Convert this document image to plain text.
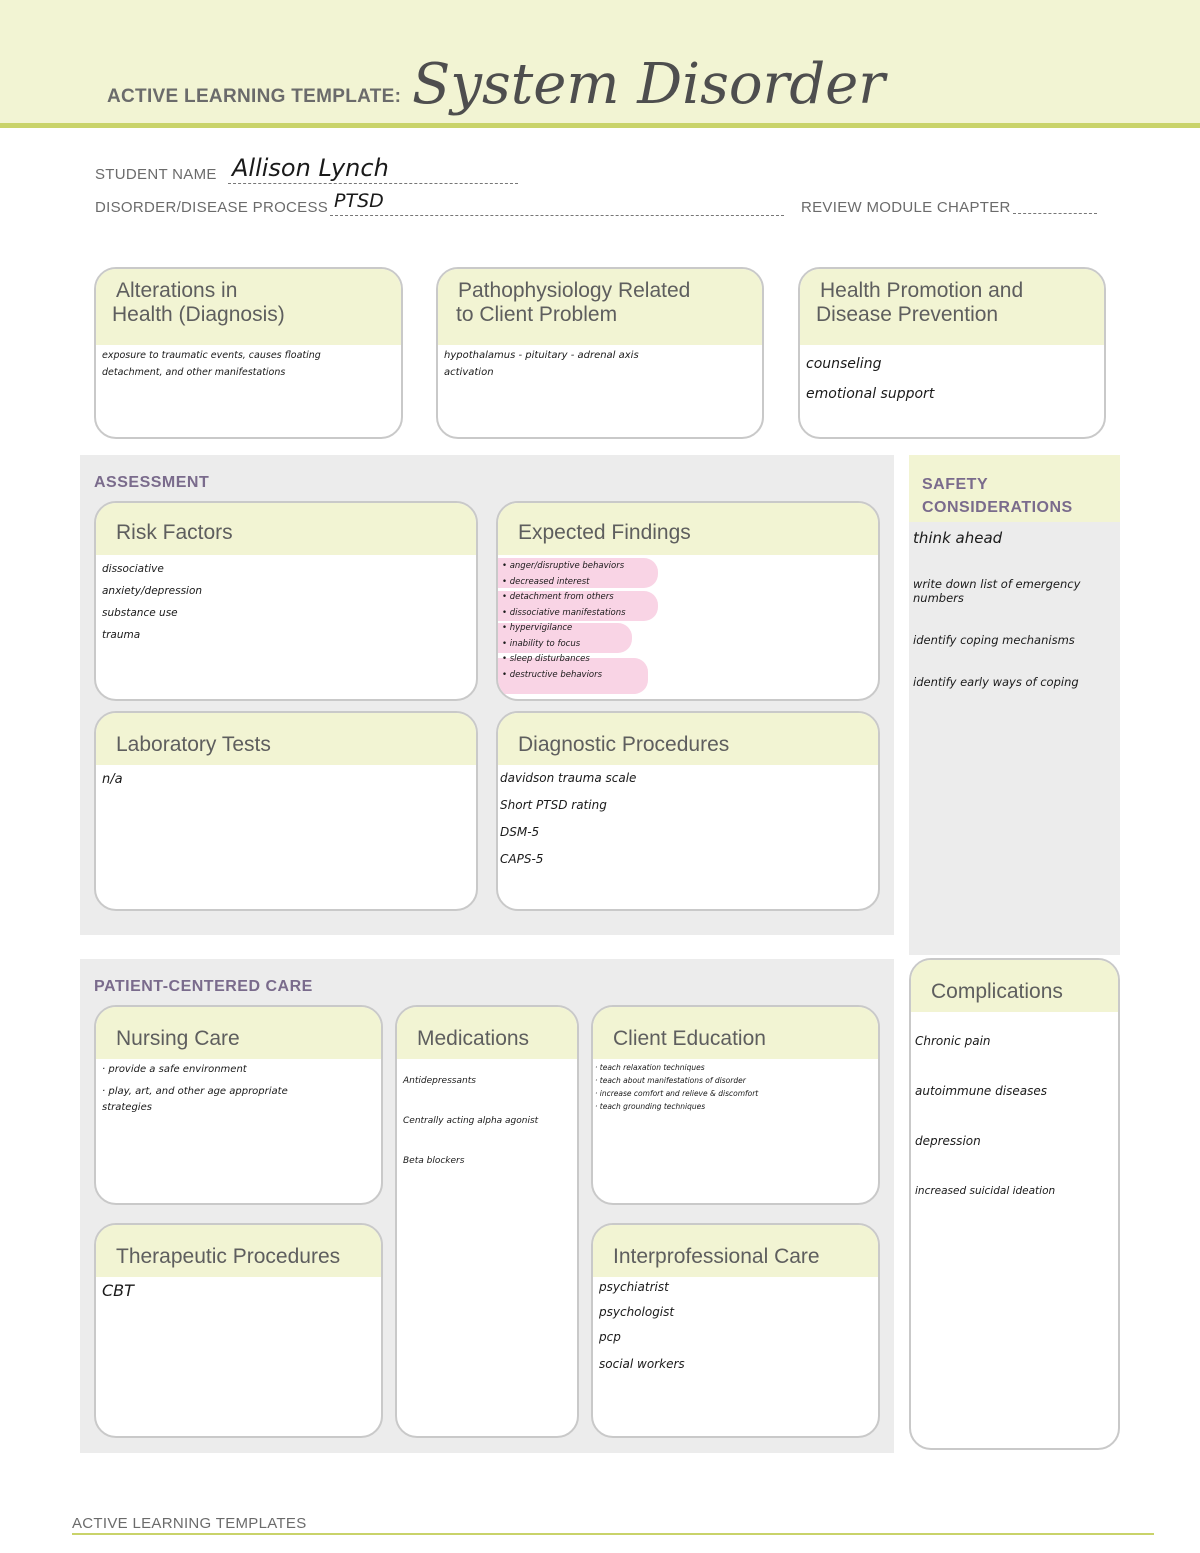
ACTIVE LEARNING TEMPLATE: System Disorder
STUDENT NAME Allison Lynch
DISORDER/DISEASE PROCESS PTSD	REVIEW MODULE CHAPTER
Alterations in
Health (Diagnosis)
exposure to traumatic events, causes floating
detachment, and other manifestations
Pathophysiology Related
to Client Problem
hypothalamus - pituitary - adrenal axis
activation
Health Promotion and
Disease Prevention
counseling
emotional support
ASSESSMENT
Risk Factors
dissociative
anxiety/depression
substance use
trauma
Expected Findings
• anger/disruptive behaviors
• decreased interest
• detachment from others
• dissociative manifestations
• hypervigilance
• inability to focus
• sleep disturbances
• destructive behaviors
Laboratory Tests
n/a
Diagnostic Procedures
davidson trauma scale
Short PTSD rating
DSM-5
CAPS-5
SAFETY
CONSIDERATIONS
think ahead
write down list of emergency
numbers
identify coping mechanisms
identify early ways of coping
PATIENT-CENTERED CARE
Nursing Care
· provide a safe environment
· play, art, and other age appropriate
strategies
Medications
Antidepressants
Centrally acting alpha agonist
Beta blockers
Client Education
· teach relaxation techniques
· teach about manifestations of disorder
· increase comfort and relieve & discomfort
· teach grounding techniques
Therapeutic Procedures
CBT
Interprofessional Care
psychiatrist
psychologist
pcp
social workers
Complications
Chronic pain
autoimmune diseases
depression
increased suicidal ideation
ACTIVE LEARNING TEMPLATES
